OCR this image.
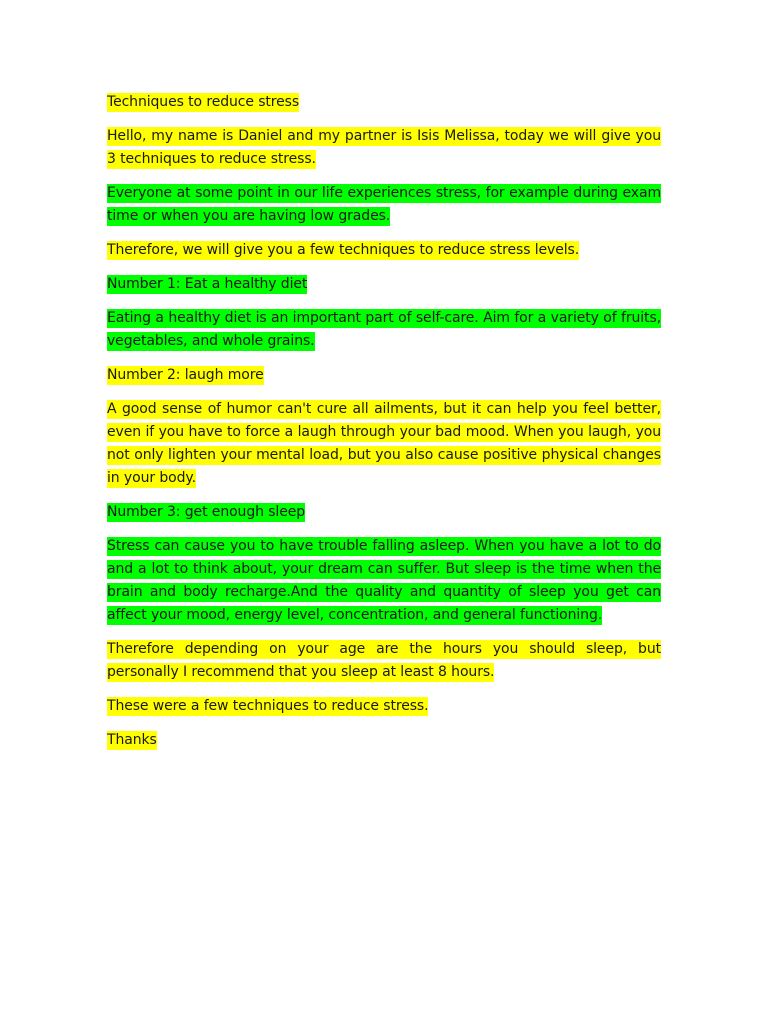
Techniques to reduce stress

Hello, my name is Daniel and my partner is Isis Melissa, today we will give you 3 techniques to reduce stress.

Everyone at some point in our life experiences stress, for example during exam time or when you are having low grades.

Therefore, we will give you a few techniques to reduce stress levels.

Number 1: Eat a healthy diet

Eating a healthy diet is an important part of self-care. Aim for a variety of fruits, vegetables, and whole grains.

Number 2: laugh more

A good sense of humor can't cure all ailments, but it can help you feel better, even if you have to force a laugh through your bad mood. When you laugh, you not only lighten your mental load, but you also cause positive physical changes in your body.

Number 3: get enough sleep

Stress can cause you to have trouble falling asleep. When you have a lot to do and a lot to think about, your dream can suffer. But sleep is the time when the brain and body recharge.And the quality and quantity of sleep you get can affect your mood, energy level, concentration, and general functioning.

Therefore depending on your age are the hours you should sleep, but personally I recommend that you sleep at least 8 hours.

These were a few techniques to reduce stress.

Thanks
